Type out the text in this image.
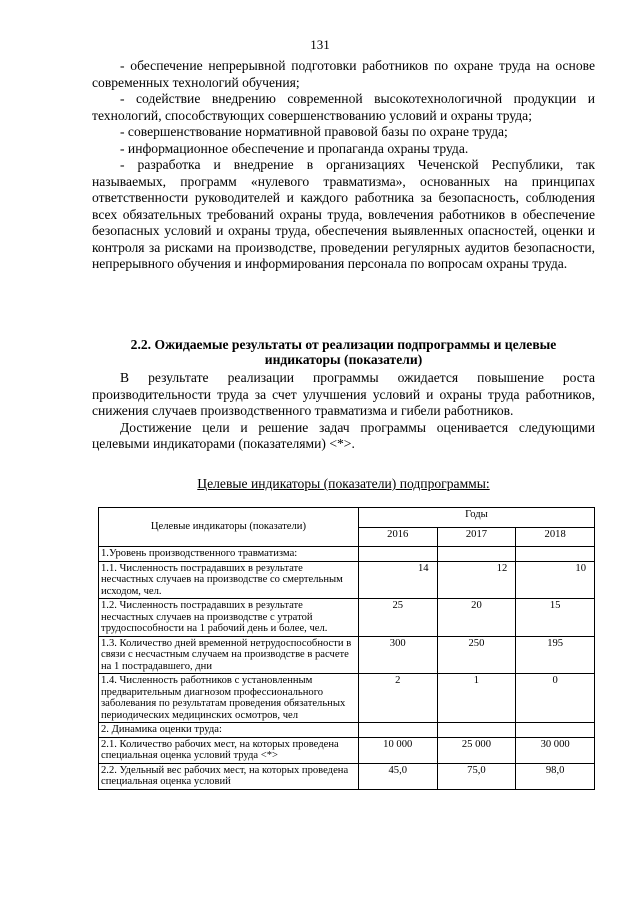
131

- обеспечение непрерывной подготовки работников по охране труда на основе современных технологий обучения;

- содействие внедрению современной высокотехнологичной продукции и технологий, способствующих совершенствованию условий и охраны труда;

- совершенствование нормативной правовой базы по охране труда;

- информационное обеспечение и пропаганда охраны труда.

- разработка и внедрение в организациях Чеченской Республики, так называемых, программ «нулевого травматизма», основанных на принципах ответственности руководителей и каждого работника за безопасность, соблюдения всех обязательных требований охраны труда, вовлечения работников в обеспечение безопасных условий и охраны труда, обеспечения выявленных опасностей, оценки и контроля за рисками на производстве, проведении регулярных аудитов безопасности, непрерывного обучения и информирования персонала по вопросам охраны труда.

2.2. Ожидаемые результаты от реализации подпрограммы и целевые индикаторы (показатели)

В результате реализации программы ожидается повышение роста производительности труда за счет улучшения условий и охраны труда работников, снижения случаев производственного травматизма и гибели работников.

Достижение цели и решение задач программы оценивается следующими целевыми индикаторами (показателями) <*>.

Целевые индикаторы (показатели) подпрограммы:
Целевые индикаторы (показатели)	Годы		
	2016	2017	2018
1.Уровень производственного травматизма:			
1.1. Численность пострадавших в результате несчастных случаев на производстве со смертельным исходом, чел.	14	12	10
1.2. Численность пострадавших в результате несчастных случаев на производстве с утратой трудоспособности на 1 рабочий день и более, чел.	25	20	15
1.3. Количество дней временной нетрудоспособности в связи с несчастным случаем на производстве в расчете на 1 пострадавшего, дни	300	250	195
1.4. Численность работников с установленным предварительным диагнозом профессионального заболевания по результатам проведения обязательных периодических медицинских осмотров, чел	2	1	0
2. Динамика оценки труда:			
2.1. Количество рабочих мест, на которых проведена специальная оценка условий труда <*>	10 000	25 000	30 000
2.2. Удельный вес рабочих мест, на которых проведена специальная оценка условий	45,0	75,0	98,0
